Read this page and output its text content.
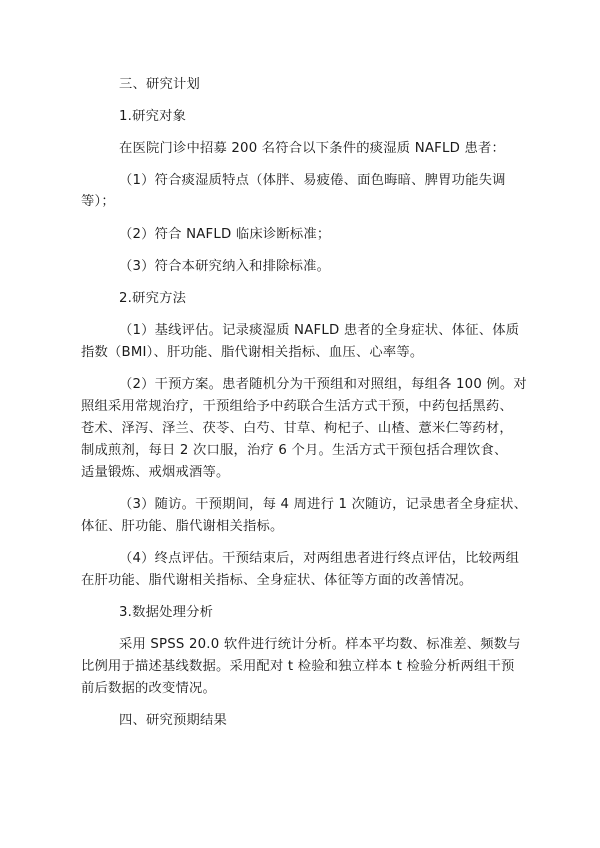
三、研究计划
1.研究对象
在医院门诊中招募 200 名符合以下条件的痰湿质 NAFLD 患者：
（1）符合痰湿质特点（体胖、易疲倦、面色晦暗、脾胃功能失调
等）；
（2）符合 NAFLD 临床诊断标准；
（3）符合本研究纳入和排除标准。
2.研究方法
（1）基线评估。记录痰湿质 NAFLD 患者的全身症状、体征、体质
指数（BMI）、肝功能、脂代谢相关指标、血压、心率等。
（2）干预方案。患者随机分为干预组和对照组，每组各 100 例。对
照组采用常规治疗，干预组给予中药联合生活方式干预，中药包括黑药、
苍术、泽泻、泽兰、茯苓、白芍、甘草、枸杞子、山楂、薏米仁等药材，
制成煎剂，每日 2 次口服，治疗 6 个月。生活方式干预包括合理饮食、
适量锻炼、戒烟戒酒等。
（3）随访。干预期间，每 4 周进行 1 次随访，记录患者全身症状、
体征、肝功能、脂代谢相关指标。
（4）终点评估。干预结束后，对两组患者进行终点评估，比较两组
在肝功能、脂代谢相关指标、全身症状、体征等方面的改善情况。
3.数据处理分析
采用 SPSS 20.0 软件进行统计分析。样本平均数、标准差、频数与
比例用于描述基线数据。采用配对 t 检验和独立样本 t 检验分析两组干预
前后数据的改变情况。
四、研究预期结果
